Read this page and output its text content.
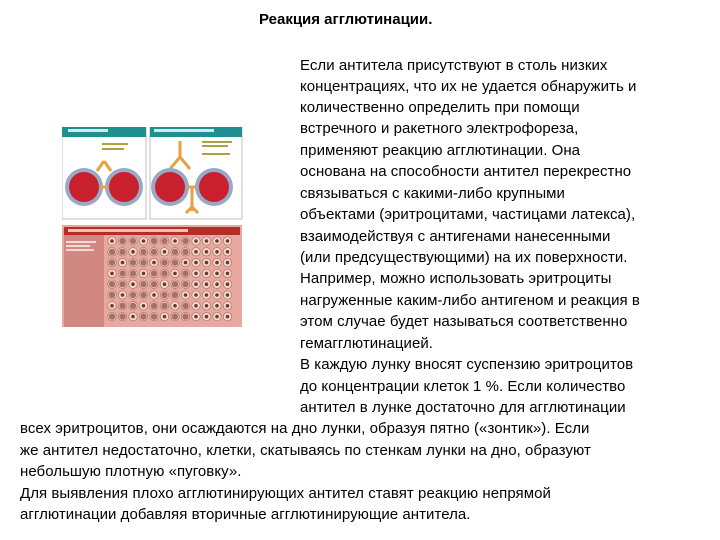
Реакция агглютинации.
Если антитела присутствуют в столь низких
концентрациях, что их не удается обнаружить и
количественно определить при помощи
встречного и ракетного электрофореза,
применяют реакцию агглютинации. Она
основана на способности антител перекрестно
связываться с какими-либо крупными
объектами (эритроцитами, частицами латекса),
взаимодействуя с антигенами нанесенными
(или предсуществующими) на их поверхности.
Например, можно использовать эритроциты
нагруженные каким-либо антигеном и реакция в
этом случае будет называться соответственно
гемагглютинацией.
В каждую лунку вносят суспензию эритроцитов
до концентрации клеток 1 %. Если количество
антител в лунке достаточно для агглютинации
всех эритроцитов, они осаждаются на дно лунки, образуя пятно («зонтик»). Если
же антител недостаточно, клетки, скатываясь по стенкам лунки на дно, образуют
небольшую плотную «пуговку».
Для выявления плохо агглютинирующих антител ставят реакцию непрямой
агглютинации добавляя вторичные агглютинирующие антитела.
